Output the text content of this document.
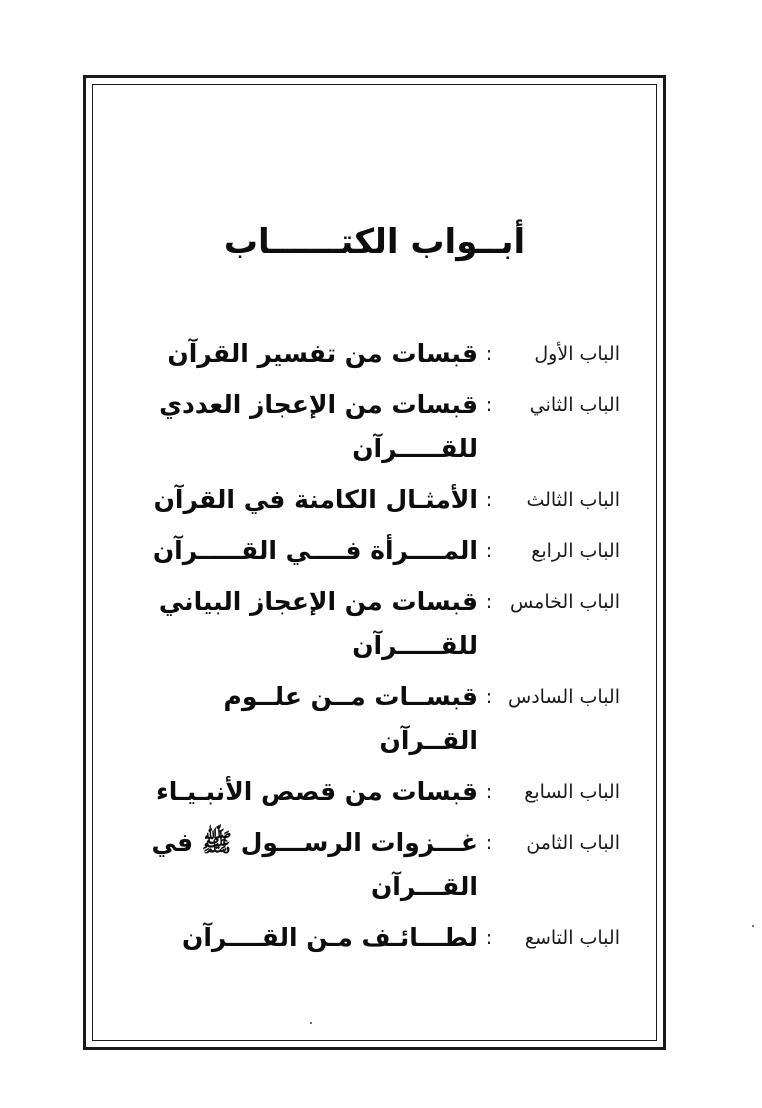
أبــواب الكتــــــاب
الباب الأول
:
قبسات من تفسير القرآن
الباب الثاني
:
قبسات من الإعجاز العددي للقـــــرآن
الباب الثالث
:
الأمثـال الكامنة في القرآن
الباب الرابع
:
المــــرأة فــــي القـــــرآن
الباب الخامس
:
قبسات من الإعجاز البياني للقـــــرآن
الباب السادس
:
قبســات مــن علــوم القــرآن
الباب السابع
:
قبسات من قصص الأنبـيـاء
الباب الثامن
:
غـــزوات الرســـول ﷺ في القـــرآن
الباب التاسع
:
لطـــائـف مـن القــــرآن
